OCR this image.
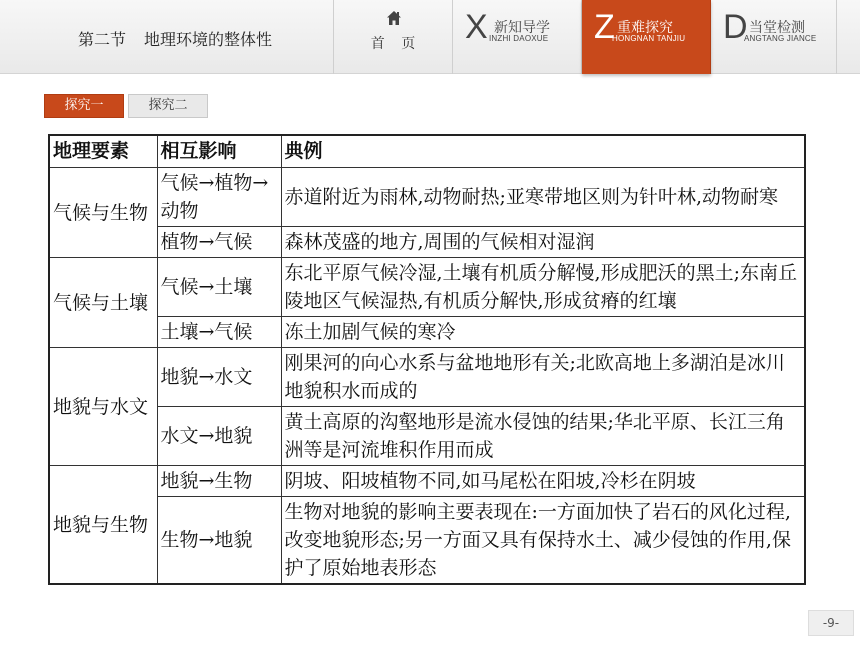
第二节 地理环境的整体性	首 页	X 新知导学
INZHI DAOXUE Z 重难探究
HONGNAN TANJIU D 当堂检测
ANGTANG JIANCE
探究一	探究二
地理要素	相互影响	典例
气候与生物	气候→植物→动物	赤道附近为雨林,动物耐热;亚寒带地区则为针叶林,动物耐寒
	植物→气候	森林茂盛的地方,周围的气候相对湿润
气候与土壤	气候→土壤	东北平原气候冷湿,土壤有机质分解慢,形成肥沃的黑土;东南丘陵地区气候湿热,有机质分解快,形成贫瘠的红壤
	土壤→气候	冻土加剧气候的寒冷
地貌与水文	地貌→水文	刚果河的向心水系与盆地地形有关;北欧高地上多湖泊是冰川地貌积水而成的
	水文→地貌	黄土高原的沟壑地形是流水侵蚀的结果;华北平原、长江三角洲等是河流堆积作用而成
地貌与生物	地貌→生物	阴坡、阳坡植物不同,如马尾松在阳坡,冷杉在阴坡
	生物→地貌	生物对地貌的影响主要表现在:一方面加快了岩石的风化过程,改变地貌形态;另一方面又具有保持水土、减少侵蚀的作用,保护了原始地表形态
-9-
